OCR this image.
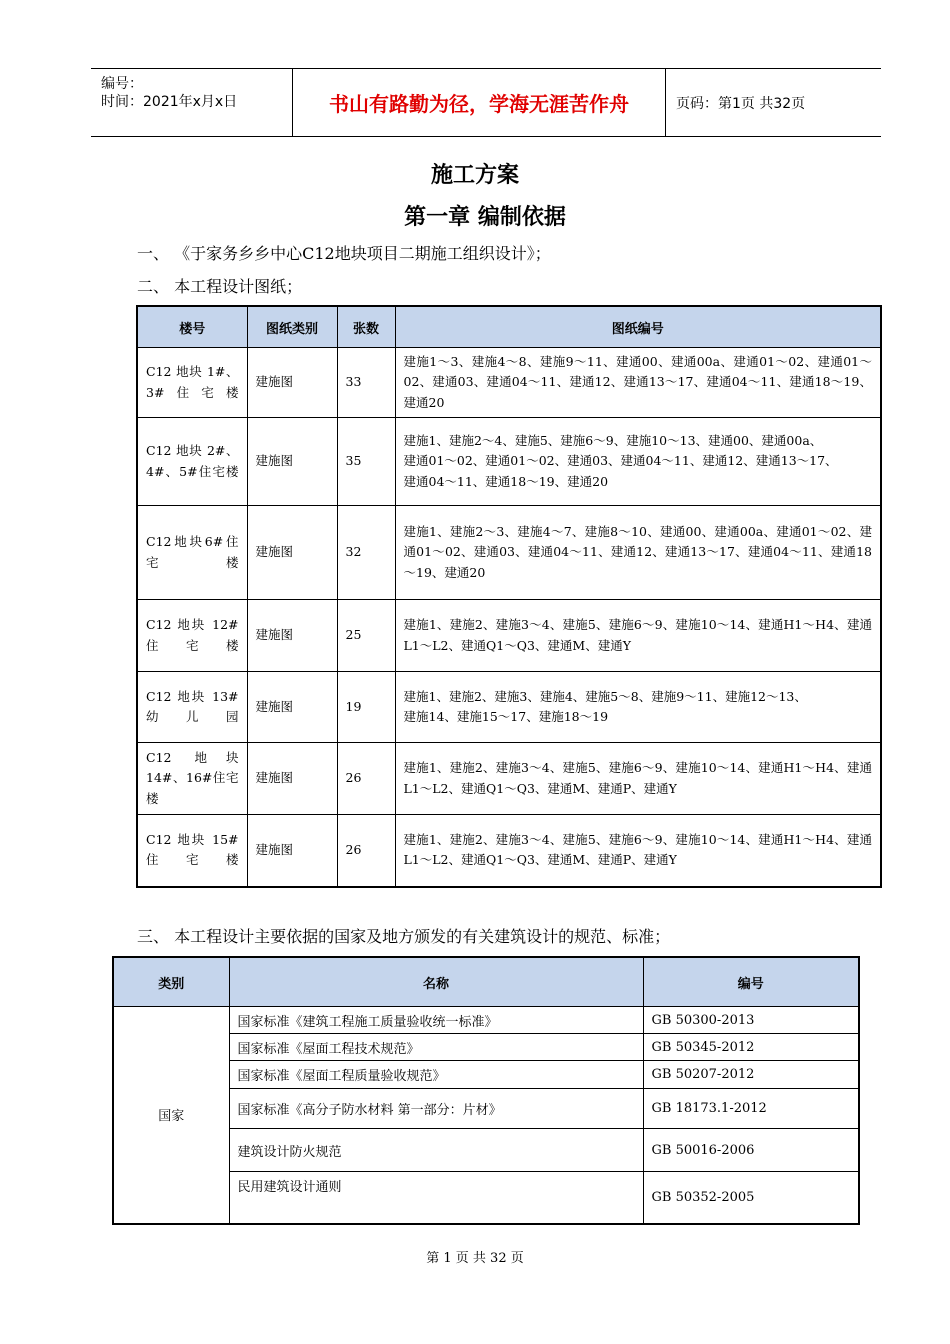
编号：
时间：2021年x月x日	书山有路勤为径，学海无涯苦作舟	页码：第1页 共32页
施工方案
第一章 编制依据
一、 《于家务乡乡中心C12地块项目二期施工组织设计》；
二、 本工程设计图纸；
楼号	图纸类别	张数	图纸编号
C12 地块 1#、3#住宅楼	建施图	33	建施1～3、建施4～8、建施9～11、建通00、建通00a、建通01～02、建通01～02、建通03、建通04～11、建通12、建通13～17、建通04～11、建通18～19、建通20

C12 地块 2#、4#、5#住宅楼	建施图	35	建施1、建施2～4、建施5、建施6～9、建施10～13、建通00、建通00a、
建通01～02、建通01～02、建通03、建通04～11、建通12、建通13～17、
建通04～11、建通18～19、建通20

C12地块6#住宅楼	建施图	32	建施1、建施2～3、建施4～7、建施8～10、建通00、建通00a、建通01～02、建通01～02、建通03、建通04～11、建通12、建通13～17、建通04～11、建通18～19、建通20

C12 地块 12#住宅楼	建施图	25	建施1、建施2、建施3～4、建施5、建施6～9、建施10～14、建通H1～H4、建通L1～L2、建通Q1～Q3、建通M、建通Y

C12 地块 13#幼儿园	建施图	19	建施1、建施2、建施3、建施4、建施5～8、建施9～11、建施12～13、
建施14、建施15～17、建施18～19

C12 地块 14#、16#住宅楼	建施图	26	建施1、建施2、建施3～4、建施5、建施6～9、建施10～14、建通H1～H4、建通L1～L2、建通Q1～Q3、建通M、建通P、建通Y

C12 地块 15#住宅楼	建施图	26	建施1、建施2、建施3～4、建施5、建施6～9、建施10～14、建通H1～H4、建通L1～L2、建通Q1～Q3、建通M、建通P、建通Y
三、 本工程设计主要依据的国家及地方颁发的有关建筑设计的规范、标准；
类别	名称	编号
国家	国家标准《建筑工程施工质量验收统一标准》	GB 50300-2013
	国家标准《屋面工程技术规范》	GB 50345-2012
	国家标准《屋面工程质量验收规范》	GB 50207-2012
	国家标准《高分子防水材料 第一部分：片材》	GB 18173.1-2012
	建筑设计防火规范	GB 50016-2006
	民用建筑设计通则	GB 50352-2005
第 1 页 共 32 页
